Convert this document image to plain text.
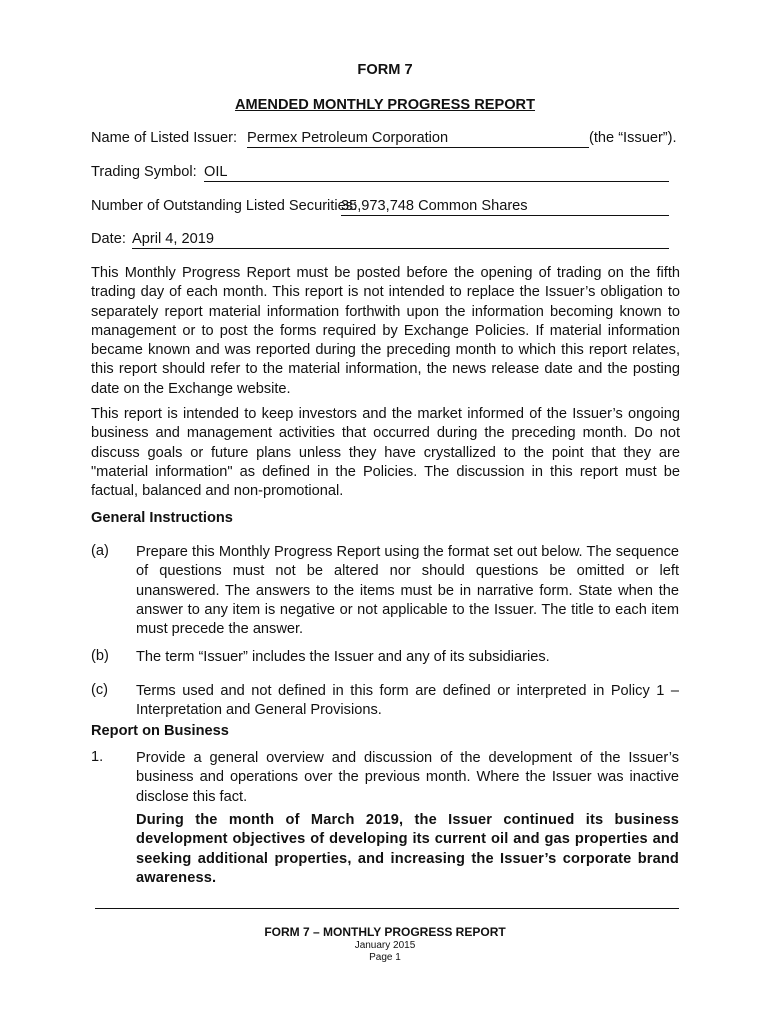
FORM 7
AMENDED MONTHLY PROGRESS REPORT
Name of Listed Issuer: Permex Petroleum Corporation	(the “Issuer”).
Trading Symbol: OIL
Number of Outstanding Listed Securities:
35,973,748 Common Shares
Date: April 4, 2019
This Monthly Progress Report must be posted before the opening of trading on the fifth trading day of each month. This report is not intended to replace the Issuer’s obligation to separately report material information forthwith upon the information becoming known to management or to post the forms required by Exchange Policies. If material information became known and was reported during the preceding month to which this report relates, this report should refer to the material information, the news release date and the posting date on the Exchange website.
This report is intended to keep investors and the market informed of the Issuer’s ongoing business and management activities that occurred during the preceding month. Do not discuss goals or future plans unless they have crystallized to the point that they are "material information" as defined in the Policies. The discussion in this report must be factual, balanced and non-promotional.
General Instructions
(a) Prepare this Monthly Progress Report using the format set out below. The sequence of questions must not be altered nor should questions be omitted or left unanswered. The answers to the items must be in narrative form. State when the answer to any item is negative or not applicable to the Issuer. The title to each item must precede the answer.
(b) The term “Issuer” includes the Issuer and any of its subsidiaries.
(c) Terms used and not defined in this form are defined or interpreted in Policy 1 – Interpretation and General Provisions.
Report on Business
1. Provide a general overview and discussion of the development of the Issuer’s business and operations over the previous month. Where the Issuer was inactive disclose this fact.
During the month of March 2019, the Issuer continued its business development objectives of developing its current oil and gas properties and seeking additional properties, and increasing the Issuer’s corporate brand awareness.
FORM 7 – MONTHLY PROGRESS REPORT
January 2015
Page 1
